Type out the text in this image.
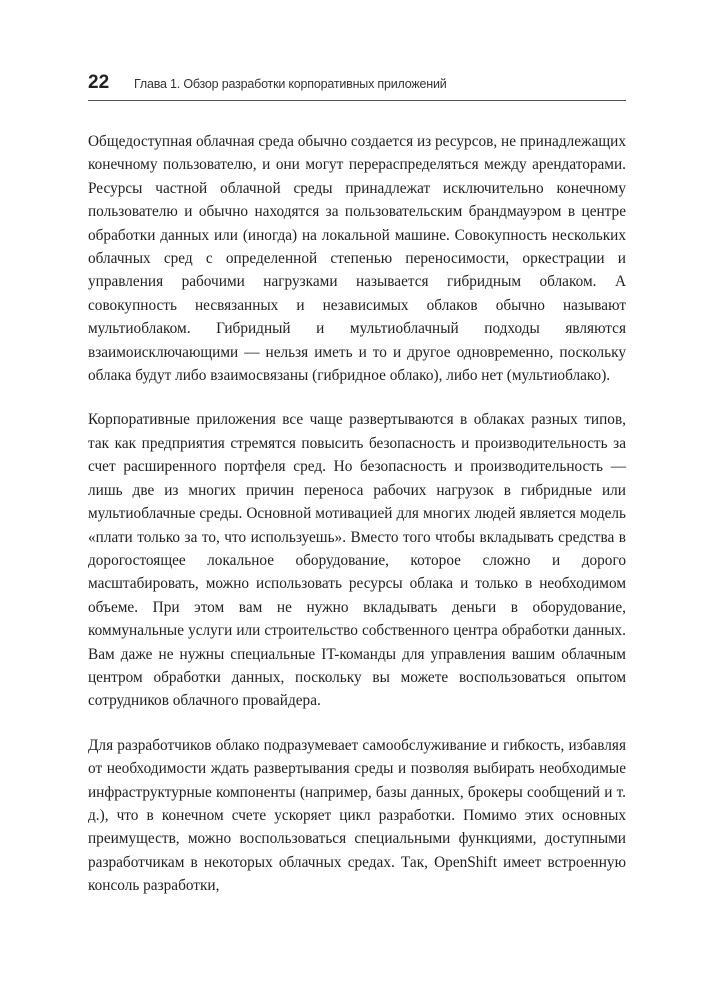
22 Глава 1. Обзор разработки корпоративных приложений

Общедоступная облачная среда обычно создается из ресурсов, не принадлежащих конечному пользователю, и они могут перераспределяться между арендаторами. Ресурсы частной облачной среды принадлежат исключительно конечному пользователю и обычно находятся за пользовательским брандмауэром в центре обработки данных или (иногда) на локальной машине. Совокупность нескольких облачных сред с определенной степенью переносимости, оркестрации и управления рабочими нагрузками называется гибридным облаком. А совокупность несвязанных и независимых облаков обычно называют мультиоблаком. Гибридный и мультиоблачный подходы являются взаимоисключающими — нельзя иметь и то и другое одновременно, поскольку облака будут либо взаимосвязаны (гибридное облако), либо нет (мультиоблако).

Корпоративные приложения все чаще развертываются в облаках разных типов, так как предприятия стремятся повысить безопасность и производительность за счет расширенного портфеля сред. Но безопасность и производительность — лишь две из многих причин переноса рабочих нагрузок в гибридные или мультиоблачные среды. Основной мотивацией для многих людей является модель «плати только за то, что используешь». Вместо того чтобы вкладывать средства в дорогостоящее локальное оборудование, которое сложно и дорого масштабировать, можно использовать ресурсы облака и только в необходимом объеме. При этом вам не нужно вкладывать деньги в оборудование, коммунальные услуги или строительство собственного центра обработки данных. Вам даже не нужны специальные IT-команды для управления вашим облачным центром обработки данных, поскольку вы можете воспользоваться опытом сотрудников облачного провайдера.

Для разработчиков облако подразумевает самообслуживание и гибкость, избавляя от необходимости ждать развертывания среды и позволяя выбирать необходимые инфраструктурные компоненты (например, базы данных, брокеры сообщений и т. д.), что в конечном счете ускоряет цикл разработки. Помимо этих основных преимуществ, можно воспользоваться специальными функциями, доступными разработчикам в некоторых облачных средах. Так, OpenShift имеет встроенную консоль разработки,
